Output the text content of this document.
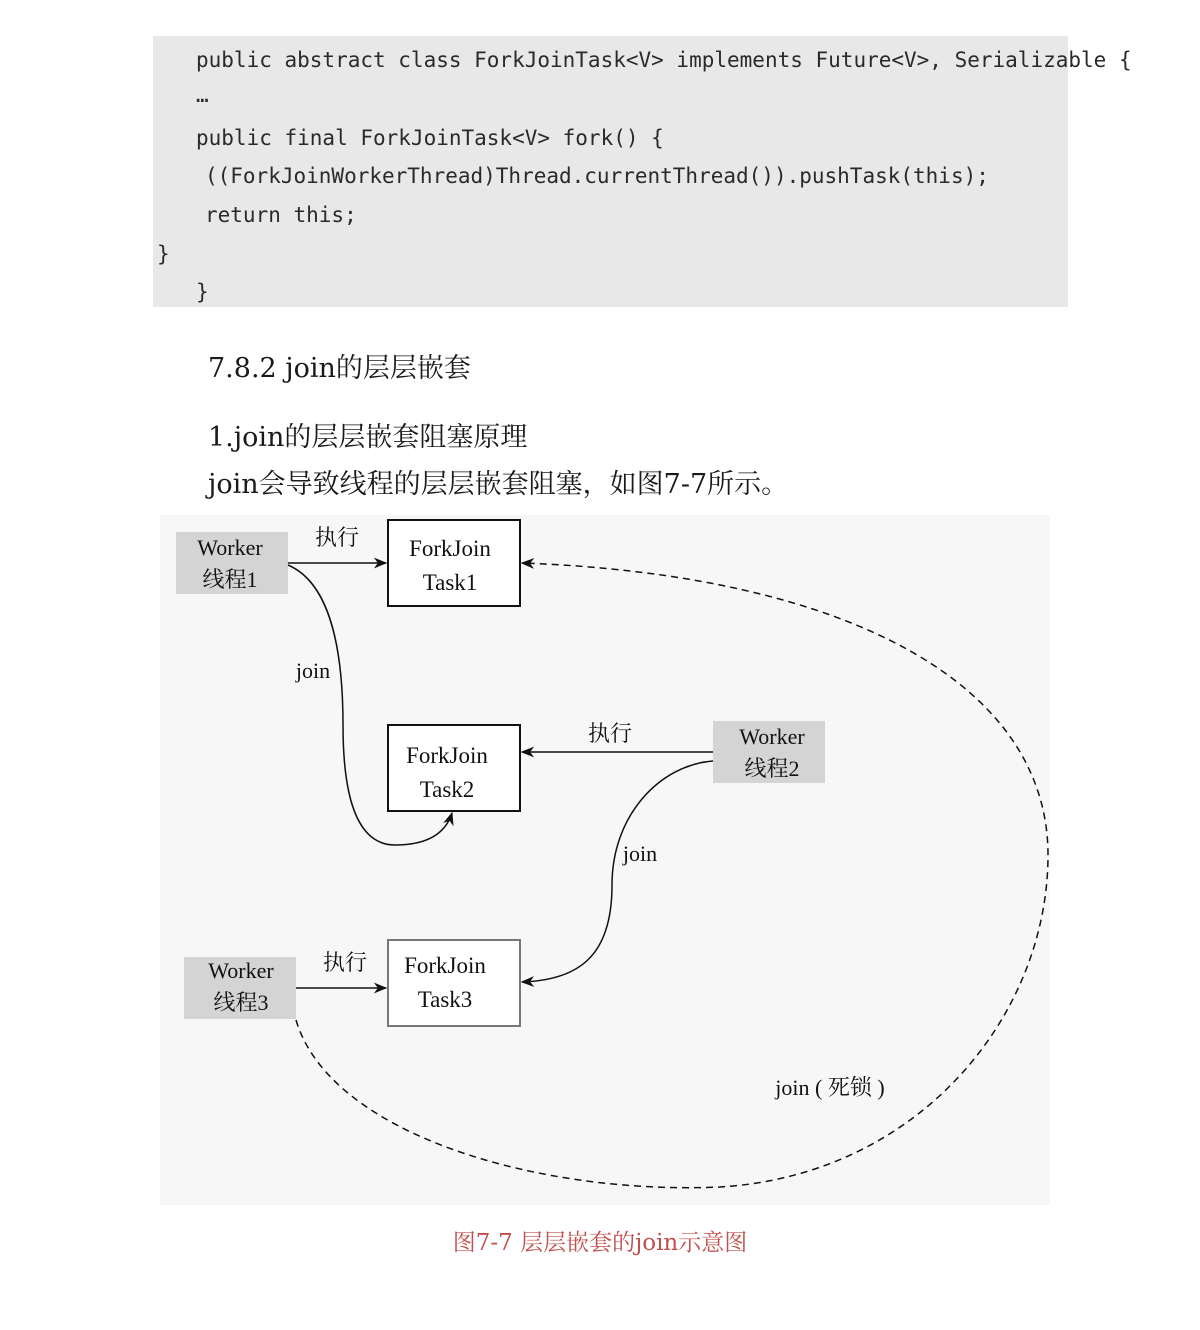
public abstract class ForkJoinTask<V> implements Future<V>, Serializable {
…
public final ForkJoinTask<V> fork() {
((ForkJoinWorkerThread)Thread.currentThread()).pushTask(this);
return this;
}
}
7.8.2 join的层层嵌套
1.join的层层嵌套阻塞原理
join会导致线程的层层嵌套阻塞，如图7-7所示。
Worker
线程1
Worker
线程2
Worker
线程3
ForkJoin
Task1
ForkJoin
Task2
ForkJoin
Task3
执行
执行
执行
join
join
join ( 死锁 )
图7-7 层层嵌套的join示意图
